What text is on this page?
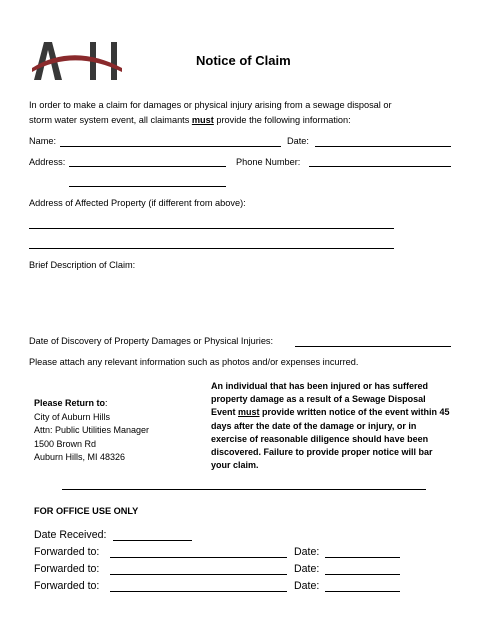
Notice of Claim
In order to make a claim for damages or physical injury arising from a sewage disposal or
storm water system event, all claimants must provide the following information:
Name:	Date:
Address:	Phone Number:
Address of Affected Property (if different from above):
Brief Description of Claim:
Date of Discovery of Property Damages or Physical Injuries:
Please attach any relevant information such as photos and/or expenses incurred.
Please Return to:
City of Auburn Hills
Attn: Public Utilities Manager
1500 Brown Rd
Auburn Hills, MI 48326
An individual that has been injured or has suffered property damage as a result of a Sewage Disposal Event must provide written notice of the event within 45 days after the date of the damage or injury, or in exercise of reasonable diligence should have been discovered. Failure to provide proper notice will bar your claim.
FOR OFFICE USE ONLY
Date Received:
Forwarded to:	Date:
Forwarded to:	Date:
Forwarded to:	Date:
